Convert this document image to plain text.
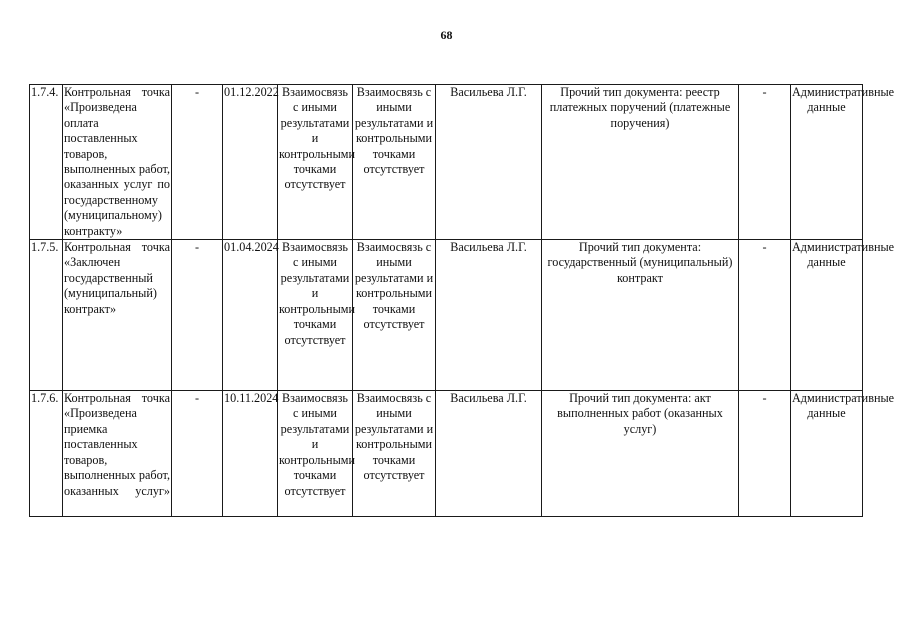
68
1.7.4.	Контрольная точка «Произведена оплата поставленных товаров, выполненных работ, оказанных услуг по государственному (муниципальному) контракту»	-	01.12.2022	Взаимосвязь с иными результатами и контрольными точками отсутствует	Взаимосвязь с иными результатами и контрольными точками отсутствует	Васильева Л.Г.	Прочий тип документа: реестр платежных поручений (платежные поручения)	-	Административные данные
1.7.5.	Контрольная точка «Заключен государственный (муниципальный) контракт»	-	01.04.2024	Взаимосвязь с иными результатами и контрольными точками отсутствует	Взаимосвязь с иными результатами и контрольными точками отсутствует	Васильева Л.Г.	Прочий тип документа: государственный (муниципальный) контракт	-	Административные данные
1.7.6.	Контрольная точка «Произведена приемка поставленных товаров, выполненных работ, оказанных услуг»	-	10.11.2024	Взаимосвязь с иными результатами и контрольными точками отсутствует	Взаимосвязь с иными результатами и контрольными точками отсутствует	Васильева Л.Г.	Прочий тип документа: акт выполненных работ (оказанных услуг)	-	Административные данные
